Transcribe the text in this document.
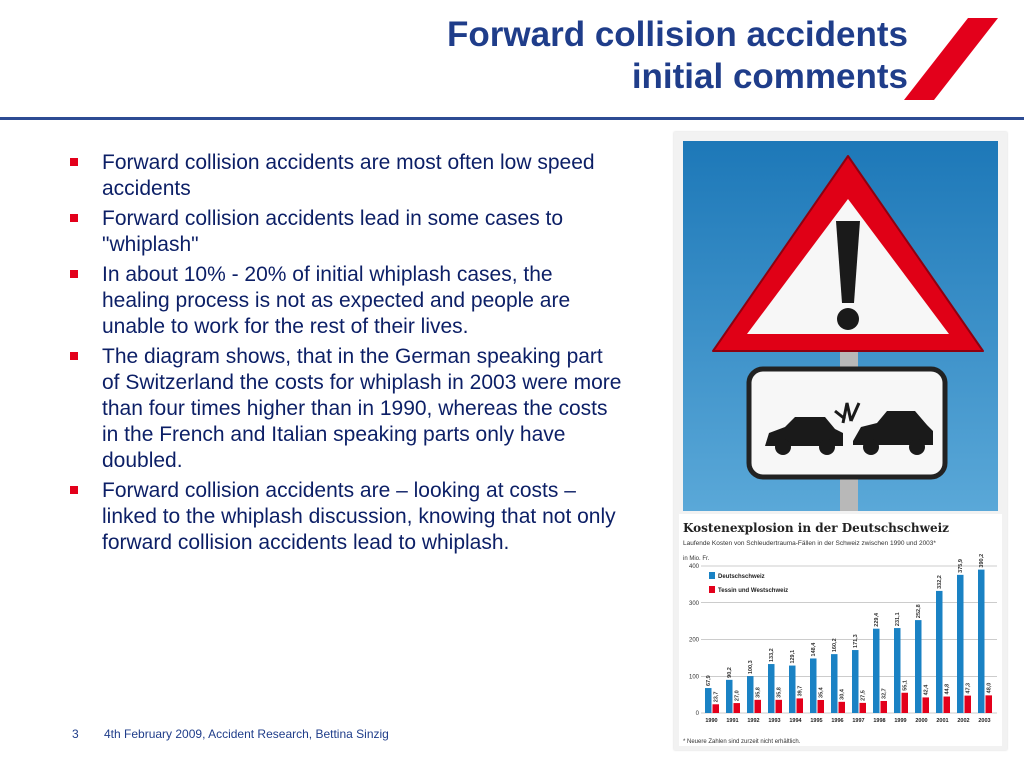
Forward collision accidents
initial comments
Forward collision accidents are most often low speed accidents
Forward collision accidents lead in some cases to "whiplash"
In about 10% - 20% of initial whiplash cases, the healing process is not as expected and people are unable to work for the rest of their lives.
The diagram shows, that in the German speaking part of Switzerland the costs for whiplash in 2003 were more than four times higher than in 1990, whereas the costs in the French and Italian speaking parts only have doubled.
Forward collision accidents are – looking at costs – linked to the whiplash discussion, knowing that not only forward collision accidents lead to whiplash.
Kostenexplosion in der Deutschschweiz
Laufende Kosten von Schleudertrauma-Fällen in der Schweiz zwischen 1990 und 2003*
0
100
200
300
400
67,9
23,7
1990
90,2
27,0
1991
100,3
35,8
1992
133,2
35,8
1993
129,1
39,7
1994
148,4
35,4
1995
160,2
30,4
1996
171,3
27,5
1997
229,4
32,7
1998
231,1
55,1
1999
252,8
42,4
2000
332,2
44,8
2001
375,9
47,3
2002
390,2
48,0
2003
Deutschschweiz
Tessin und Westschweiz
in Mio. Fr.
* Neuere Zahlen sind zurzeit nicht erhältlich.
3 4th February 2009, Accident Research, Bettina Sinzig
